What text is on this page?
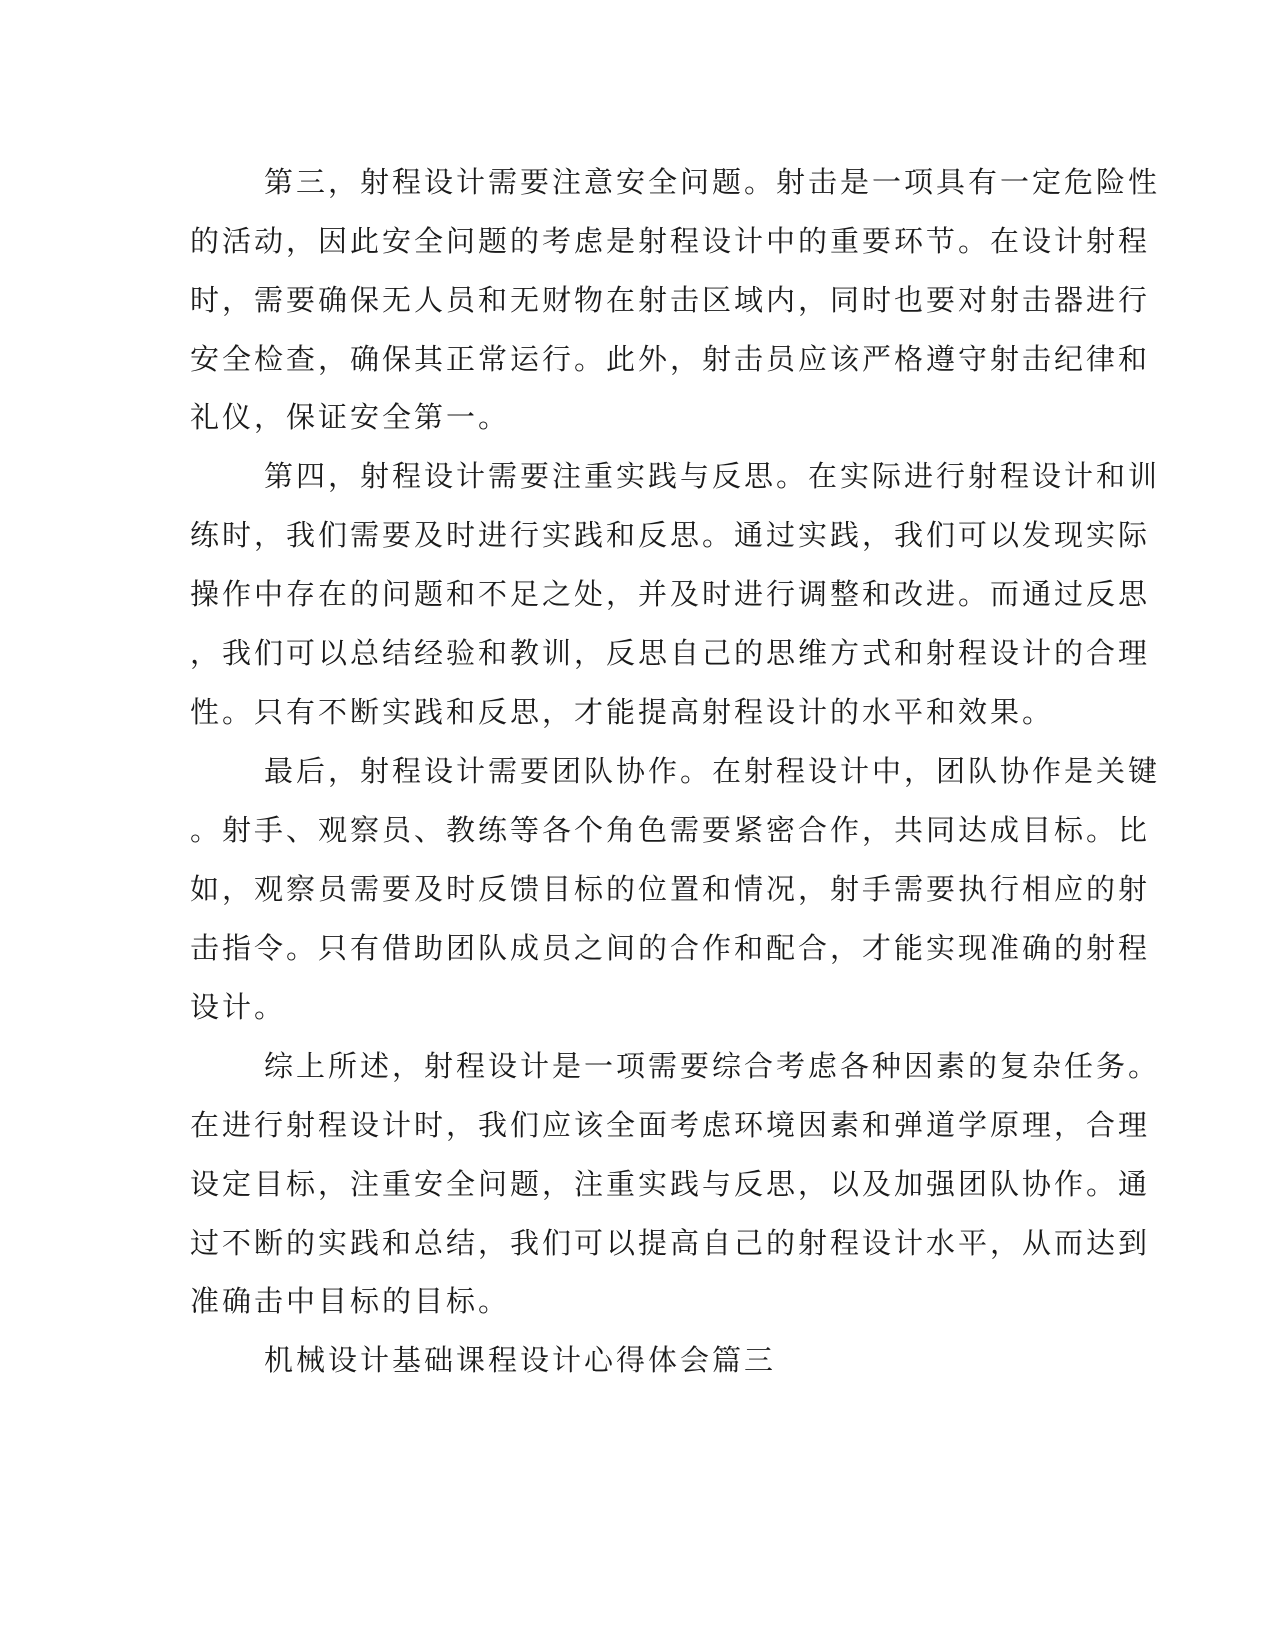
第三，射程设计需要注意安全问题。射击是一项具有一定危险性
的活动，因此安全问题的考虑是射程设计中的重要环节。在设计射程
时，需要确保无人员和无财物在射击区域内，同时也要对射击器进行
安全检查，确保其正常运行。此外，射击员应该严格遵守射击纪律和
礼仪，保证安全第一。
第四，射程设计需要注重实践与反思。在实际进行射程设计和训
练时，我们需要及时进行实践和反思。通过实践，我们可以发现实际
操作中存在的问题和不足之处，并及时进行调整和改进。而通过反思
，我们可以总结经验和教训，反思自己的思维方式和射程设计的合理
性。只有不断实践和反思，才能提高射程设计的水平和效果。
最后，射程设计需要团队协作。在射程设计中，团队协作是关键
。射手、观察员、教练等各个角色需要紧密合作，共同达成目标。比
如，观察员需要及时反馈目标的位置和情况，射手需要执行相应的射
击指令。只有借助团队成员之间的合作和配合，才能实现准确的射程
设计。
综上所述，射程设计是一项需要综合考虑各种因素的复杂任务。
在进行射程设计时，我们应该全面考虑环境因素和弹道学原理，合理
设定目标，注重安全问题，注重实践与反思，以及加强团队协作。通
过不断的实践和总结，我们可以提高自己的射程设计水平，从而达到
准确击中目标的目标。
机械设计基础课程设计心得体会篇三
